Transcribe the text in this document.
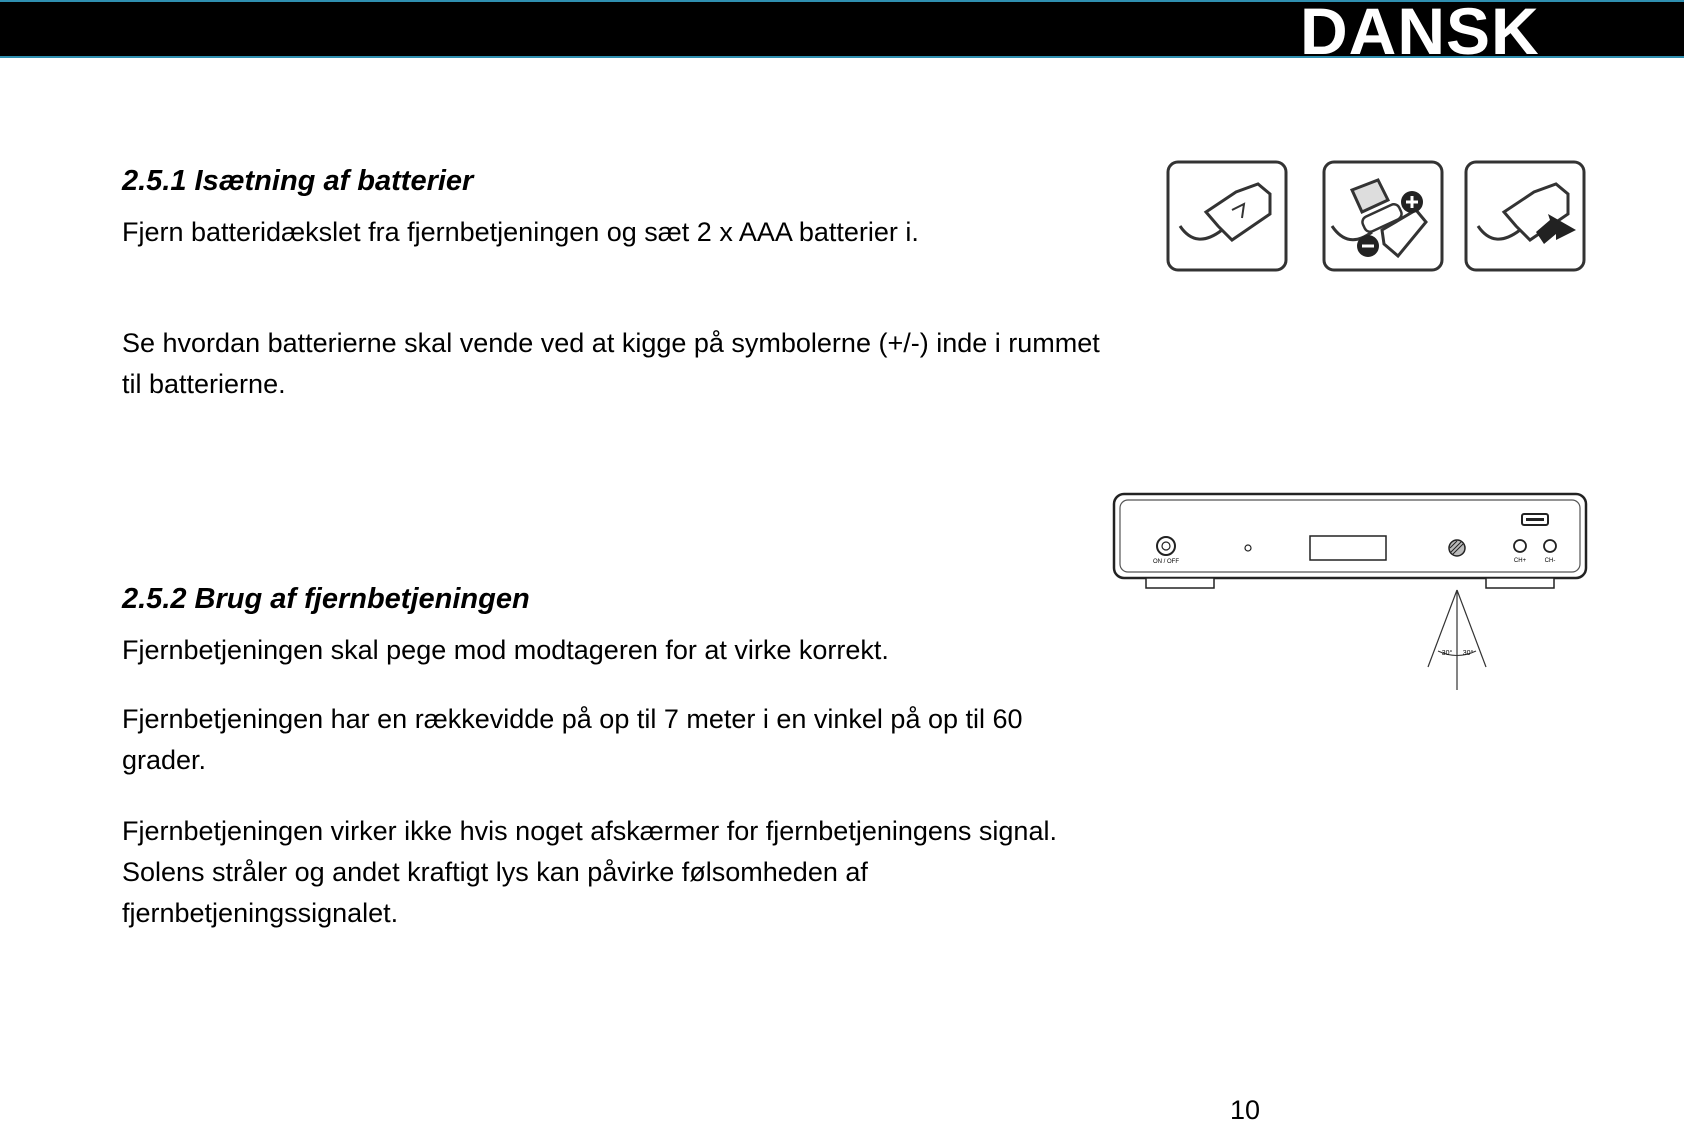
DANSK
2.5.1 Isætning af batterier
Fjern batteridækslet fra fjernbetjeningen og sæt 2 x AAA batterier i.
Se hvordan batterierne skal vende ved at kigge på symbolerne (+/-) inde i rummet
til batterierne.
2.5.2 Brug af fjernbetjeningen
Fjernbetjeningen skal pege mod modtageren for at virke korrekt.
Fjernbetjeningen har en rækkevidde på op til 7 meter i en vinkel på op til 60
grader.
Fjernbetjeningen virker ikke hvis noget afskærmer for fjernbetjeningens signal.
Solens stråler og andet kraftigt lys kan påvirke følsomheden af
fjernbetjeningssignalet.
ON / OFF	CH+	CH-
30° 30°
10
